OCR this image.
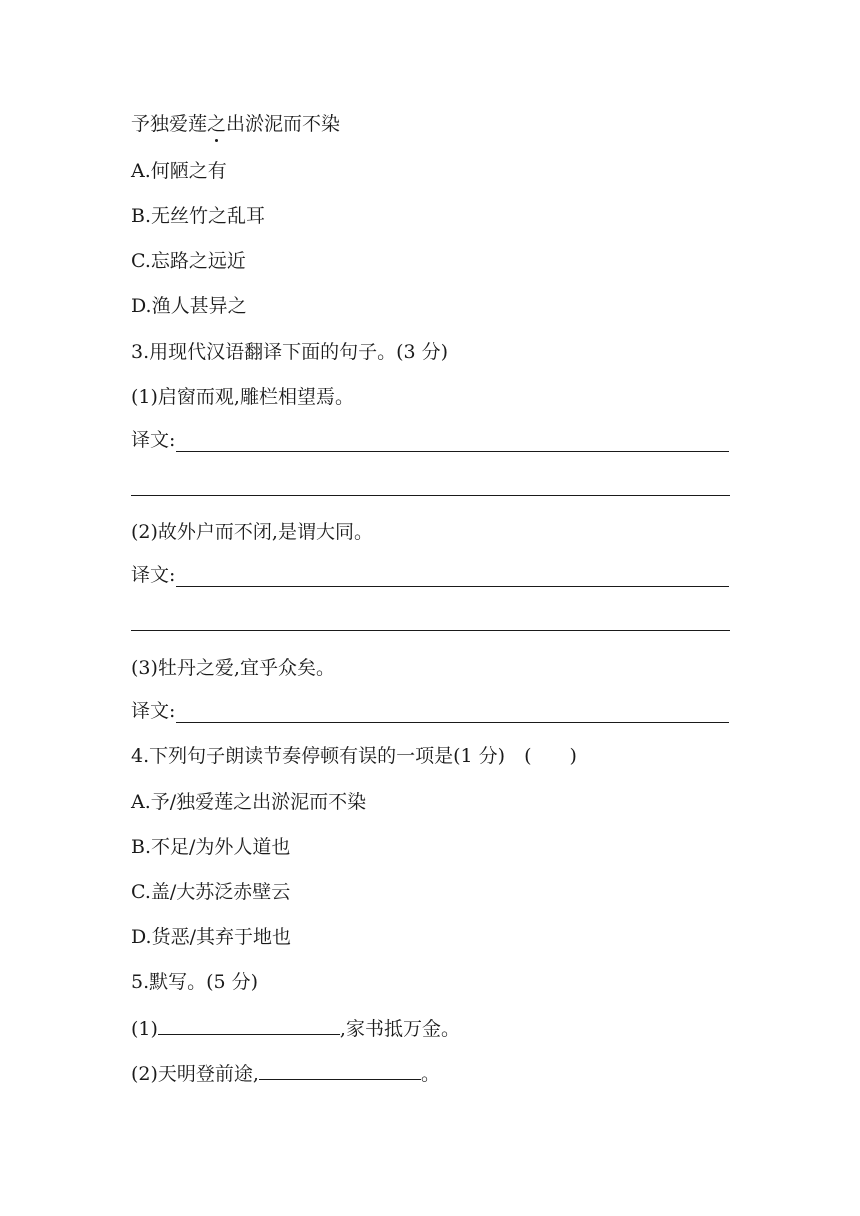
予独爱莲之出淤泥而不染
A.何陋之有
B.无丝竹之乱耳
C.忘路之远近
D.渔人甚异之
3.用现代汉语翻译下面的句子。(3 分)
(1)启窗而观,雕栏相望焉。
译文:
(2)故外户而不闭,是谓大同。
译文:
(3)牡丹之爱,宜乎众矣。
译文:
4.下列句子朗读节奏停顿有误的一项是(1 分)　(　　)
A.予/独爱莲之出淤泥而不染
B.不足/为外人道也
C.盖/大苏泛赤壁云
D.货恶/其弃于地也
5.默写。(5 分)
(1)	,家书抵万金。
(2)天明登前途,	。
